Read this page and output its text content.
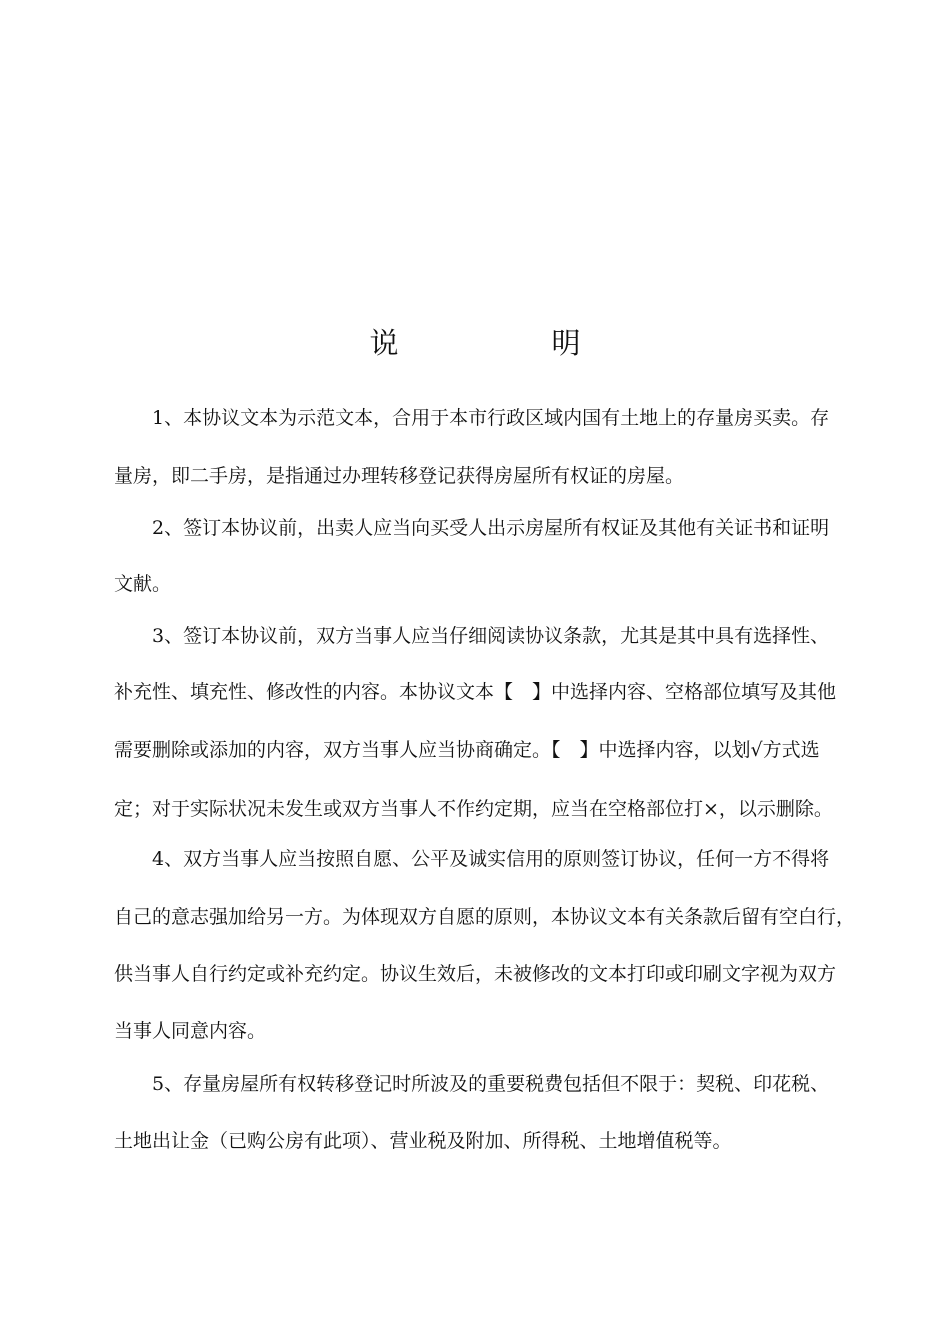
说　明
1、本协议文本为示范文本，合用于本市行政区域内国有土地上的存量房买卖。存
量房，即二手房，是指通过办理转移登记获得房屋所有权证的房屋。
2、签订本协议前，出卖人应当向买受人出示房屋所有权证及其他有关证书和证明
文献。
3、签订本协议前，双方当事人应当仔细阅读协议条款，尤其是其中具有选择性、
补充性、填充性、修改性的内容。本协议文本【　】中选择内容、空格部位填写及其他
需要删除或添加的内容，双方当事人应当协商确定。【　】中选择内容，以划√方式选
定；对于实际状况未发生或双方当事人不作约定期，应当在空格部位打×，以示删除。
4、双方当事人应当按照自愿、公平及诚实信用的原则签订协议，任何一方不得将
自己的意志强加给另一方。为体现双方自愿的原则，本协议文本有关条款后留有空白行，
供当事人自行约定或补充约定。协议生效后，未被修改的文本打印或印刷文字视为双方
当事人同意内容。
5、存量房屋所有权转移登记时所波及的重要税费包括但不限于：契税、印花税、
土地出让金（已购公房有此项）、营业税及附加、所得税、土地增值税等。
